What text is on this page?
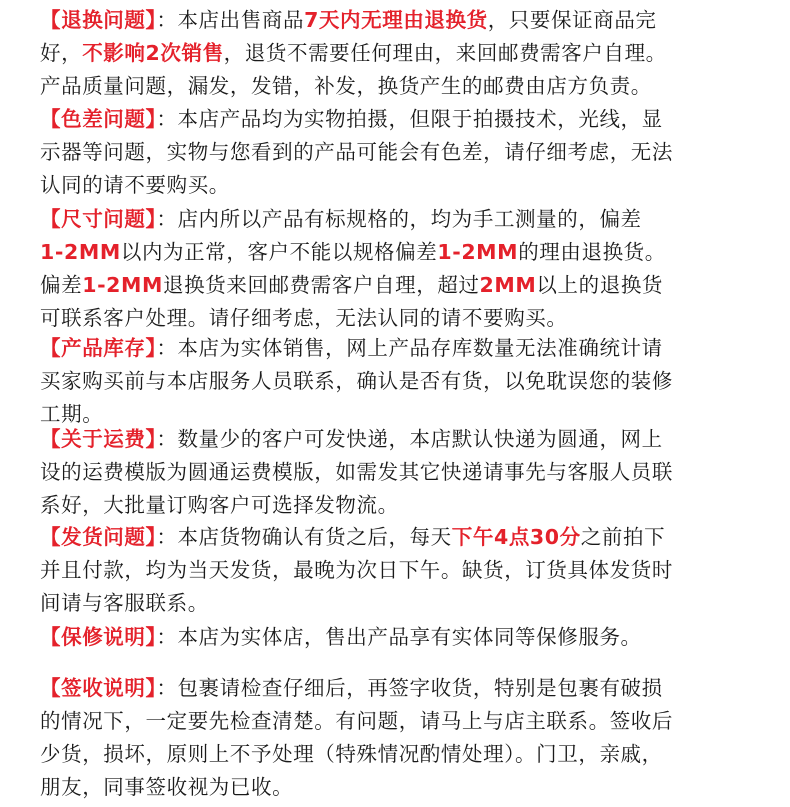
【退换问题】：本店出售商品7天内无理由退换货，只要保证商品完
好，不影响2次销售，退货不需要任何理由，来回邮费需客户自理。
产品质量问题，漏发，发错，补发，换货产生的邮费由店方负责。
【色差问题】：本店产品均为实物拍摄，但限于拍摄技术，光线，显
示器等问题，实物与您看到的产品可能会有色差，请仔细考虑，无法
认同的请不要购买。
【尺寸问题】：店内所以产品有标规格的，均为手工测量的，偏差
1-2MM以内为正常，客户不能以规格偏差1-2MM的理由退换货。
偏差1-2MM退换货来回邮费需客户自理，超过2MM以上的退换货
可联系客户处理。请仔细考虑，无法认同的请不要购买。
【产品库存】：本店为实体销售，网上产品存库数量无法准确统计请
买家购买前与本店服务人员联系，确认是否有货，以免耽误您的装修
工期。
【关于运费】：数量少的客户可发快递，本店默认快递为圆通，网上
设的运费模版为圆通运费模版，如需发其它快递请事先与客服人员联
系好，大批量订购客户可选择发物流。
【发货问题】：本店货物确认有货之后，每天下午4点30分之前拍下
并且付款，均为当天发货，最晚为次日下午。缺货，订货具体发货时
间请与客服联系。
【保修说明】：本店为实体店，售出产品享有实体同等保修服务。
【签收说明】：包裹请检查仔细后，再签字收货，特别是包裹有破损
的情况下，一定要先检查清楚。有问题，请马上与店主联系。签收后
少货，损坏，原则上不予处理（特殊情况酌情处理）。门卫，亲戚，
朋友，同事签收视为已收。
